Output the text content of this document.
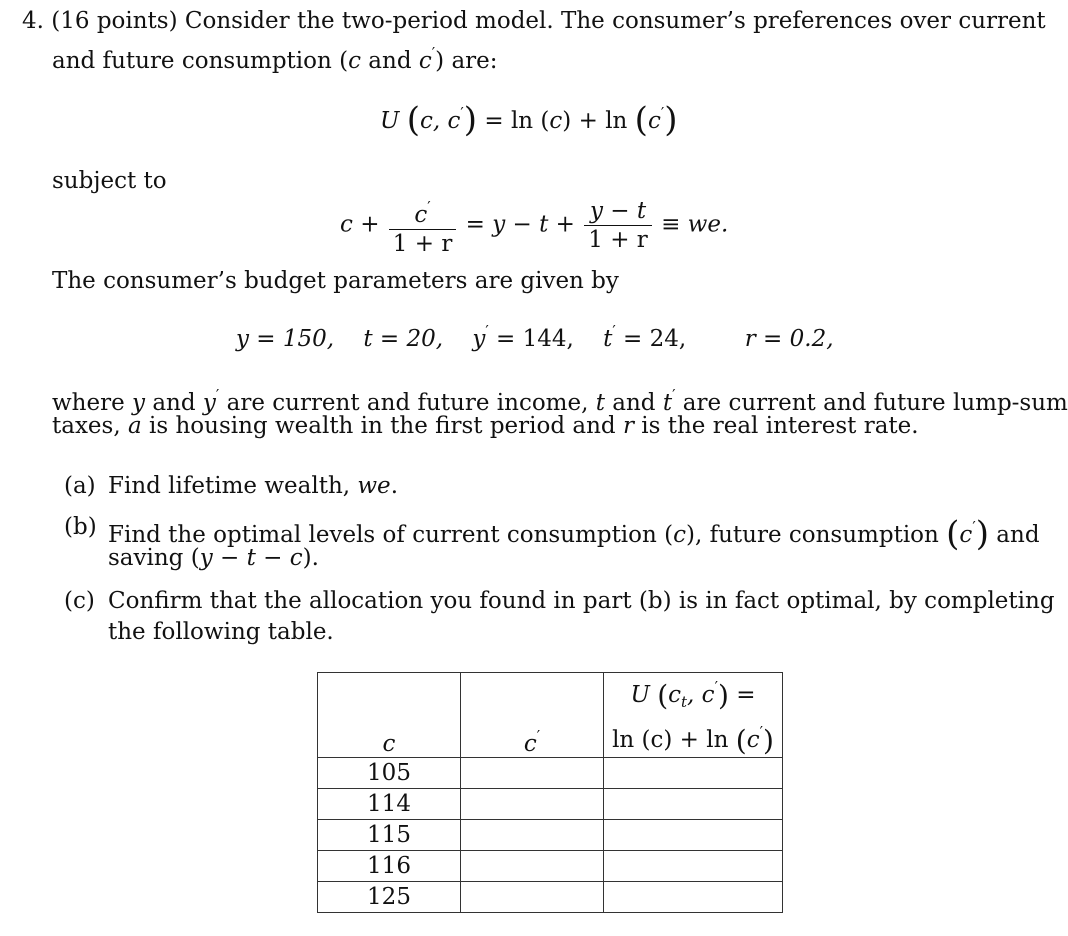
4. (16 points) Consider the two-period model. The consumer’s preferences over current
and future consumption (c and c′) are:
U (c, c′) = ln (c) + ln (c′)
subject to
$c + \frac{c'}{1 + r} = y - t + \frac{y - t}{1 + r}$ ≡ we.
The consumer’s budget parameters are given by
y = 150, t = 20, y′ = 144, t′ = 24,	r = 0.2,
where y and y′ are current and future income, t and t′ are current and future lump-sum
taxes, a is housing wealth in the first period and r is the real interest rate.
(a) Find lifetime wealth, we.
(b) Find the optimal levels of current consumption (c), future consumption (c′) and
saving (y − t − c).
(c) Confirm that the allocation you found in part (b) is in fact optimal, by completing
the following table.
c	c′	U ($c_t$, c′) =
ln (c) + ln (c′)

105		
114		
115		
116		
125		
